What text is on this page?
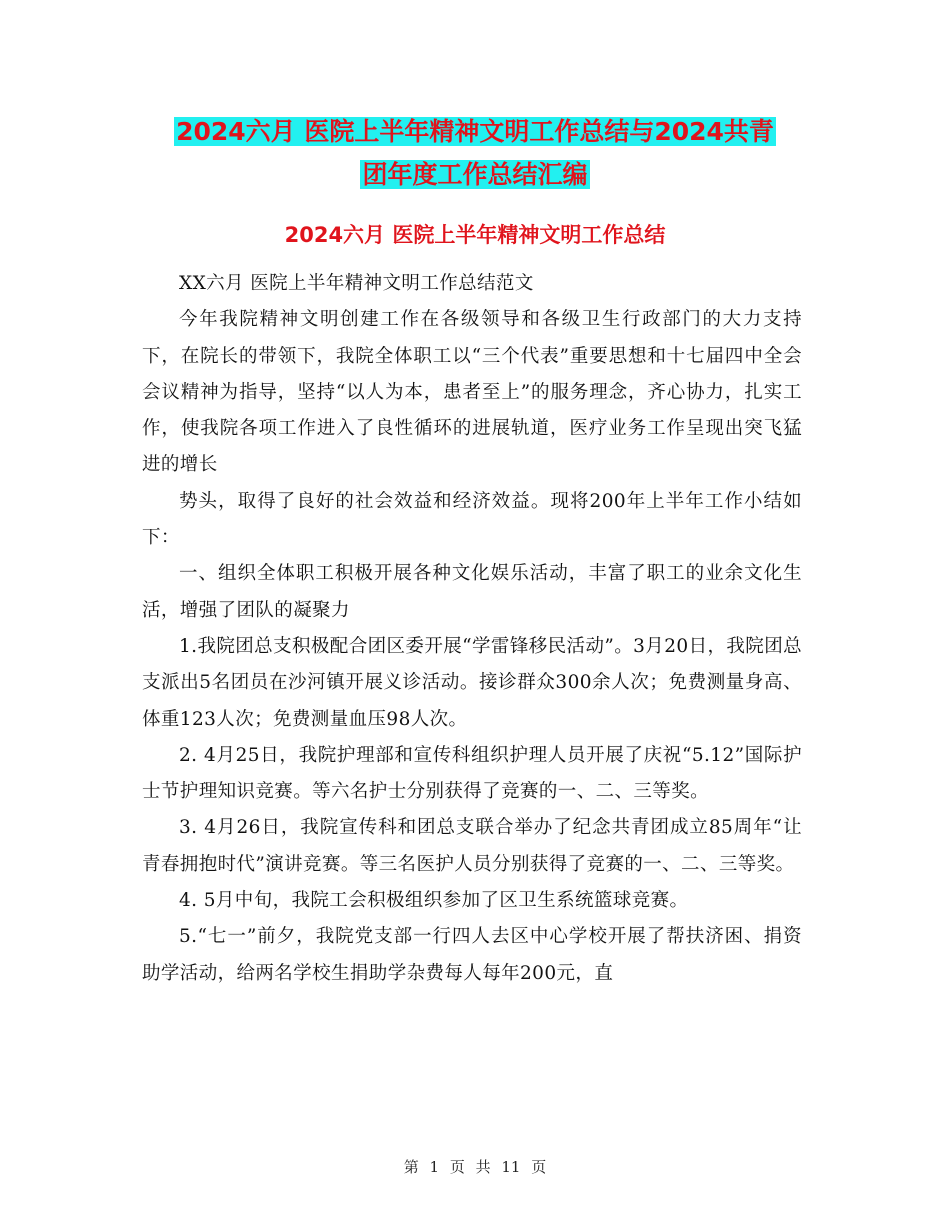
2024六月 医院上半年精神文明工作总结与2024共青
团年度工作总结汇编
2024六月 医院上半年精神文明工作总结

XX六月 医院上半年精神文明工作总结范文

今年我院精神文明创建工作在各级领导和各级卫生行政部门的大力支持下，在院长的带领下，我院全体职工以“三个代表”重要思想和十七届四中全会会议精神为指导，坚持“以人为本，患者至上”的服务理念，齐心协力，扎实工作，使我院各项工作进入了良性循环的进展轨道，医疗业务工作呈现出突飞猛进的增长

势头，取得了良好的社会效益和经济效益。现将200年上半年工作小结如下：

一、组织全体职工积极开展各种文化娱乐活动，丰富了职工的业余文化生活，增强了团队的凝聚力

1.我院团总支积极配合团区委开展“学雷锋移民活动”。3月20日，我院团总支派出5名团员在沙河镇开展义诊活动。接诊群众300余人次；免费测量身高、体重123人次；免费测量血压98人次。

2. 4月25日，我院护理部和宣传科组织护理人员开展了庆祝“5.12”国际护士节护理知识竞赛。等六名护士分别获得了竞赛的一、二、三等奖。

3. 4月26日，我院宣传科和团总支联合举办了纪念共青团成立85周年“让青春拥抱时代”演讲竞赛。等三名医护人员分别获得了竞赛的一、二、三等奖。

4. 5月中旬，我院工会积极组织参加了区卫生系统篮球竞赛。

5.“七一”前夕，我院党支部一行四人去区中心学校开展了帮扶济困、捐资助学活动，给两名学校生捐助学杂费每人每年200元，直

第 1 页 共 11 页
